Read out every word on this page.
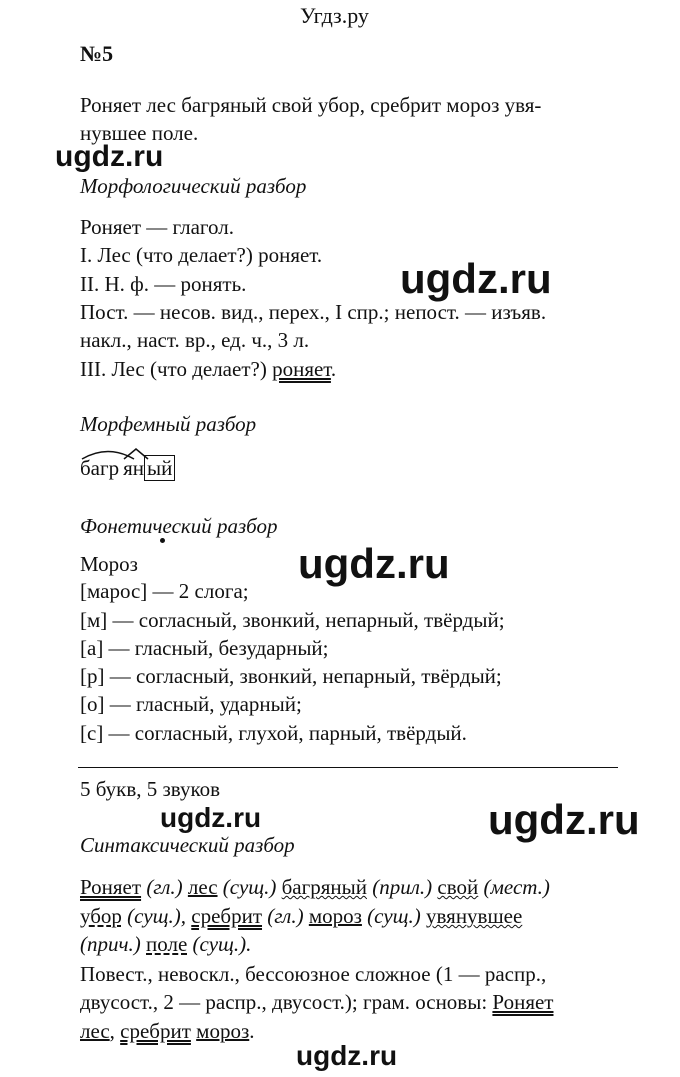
Угдз.ру
№5
Роняет лес багряный свой убор, сребрит мороз увя-
нувшее поле.
ugdz.ru
ugdz.ru
ugdz.ru
ugdz.ru	ugdz.ru
ugdz.ru
Морфологический разбор
Роняет — глагол.
I. Лес (что делает?) роняет.
II. Н. ф. — ронять.
Пост. — несов. вид., перех., I спр.; непост. — изъяв.
накл., наст. вр., ед. ч., 3 л.
III. Лес (что делает?) роняет.
Морфемный разбор
багр ян ый
Фонетический разбор
Мороз
[марос] — 2 слога;
[м] — согласный, звонкий, непарный, твёрдый;
[а] — гласный, безударный;
[р] — согласный, звонкий, непарный, твёрдый;
[о] — гласный, ударный;
[с] — согласный, глухой, парный, твёрдый.
5 букв, 5 звуков
Синтаксический разбор
Роняет (гл.) лес (сущ.) багряный (прил.) свой (мест.)
убор (сущ.), сребрит (гл.) мороз (сущ.) увянувшее
(прич.) поле (сущ.).
Повест., невоскл., бессоюзное сложное (1 — распр.,
двусост., 2 — распр., двусост.); грам. основы: Роняет
лес, сребрит мороз.
